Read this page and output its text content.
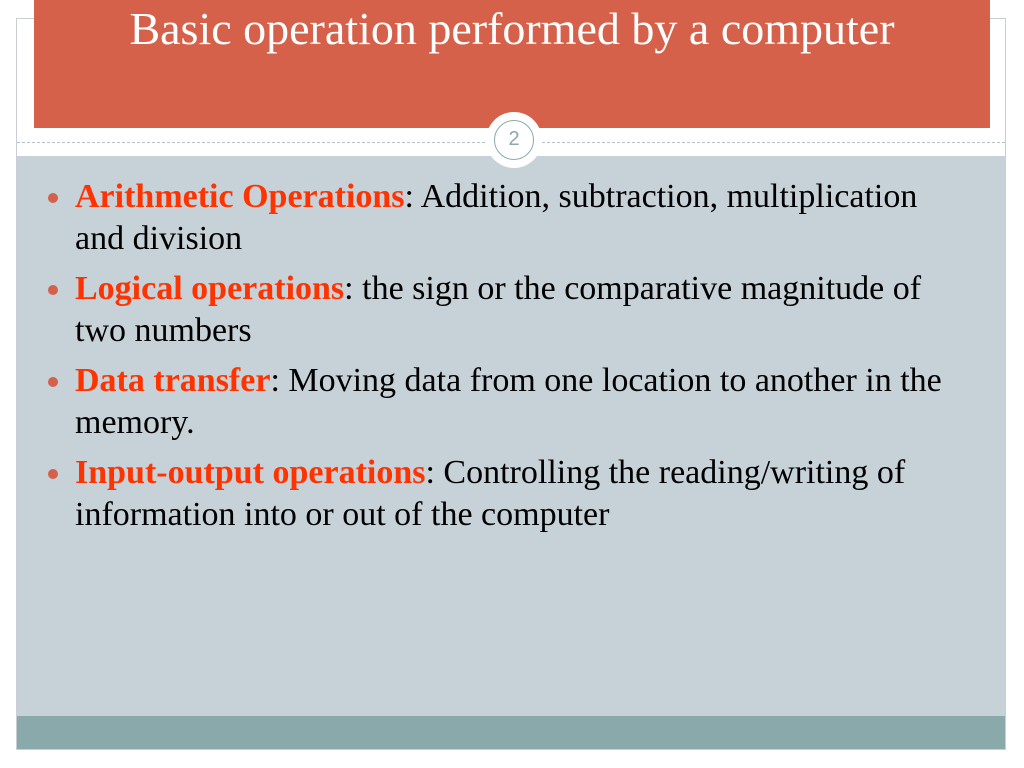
Basic operation performed by a computer
2
Arithmetic Operations: Addition, subtraction, multiplication and division
Logical operations: the sign or the comparative magnitude of two numbers
Data transfer: Moving data from one location to another in the memory.
Input-output operations: Controlling the reading/writing of information into or out of the computer
